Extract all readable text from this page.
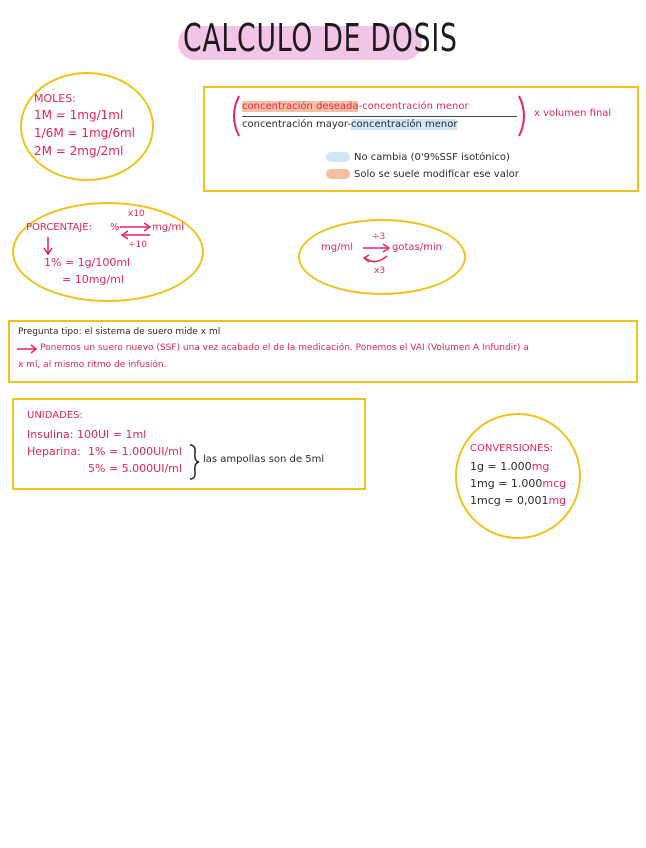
CALCULO DE DOSIS
MOLES:
1M = 1mg/1ml
1/6M = 1mg/6ml
2M = 2mg/2ml
concentración deseada-concentración menor
concentración mayor-concentración menor
x volumen final
No cambia (0'9%SSF isotónico)
Solo se suele modificar ese valor
PORCENTAJE: %
x10
÷10
mg/ml
1% = 1g/100ml
= 10mg/ml
mg/ml
÷3
x3
gotas/min
Pregunta tipo: el sistema de suero mide x ml
Ponemos un suero nuevo (SSF) una vez acabado el de la medicación. Ponemos el VAI (Volumen A Infundir) a
x ml, al mismo ritmo de infusión.
UNIDADES:
Insulina: 100UI = 1ml
Heparina: 1% = 1.000UI/ml
5% = 5.000UI/ml
las ampollas son de 5ml
CONVERSIONES:
1g = 1.000mg
1mg = 1.000mcg
1mcg = 0,001mg
